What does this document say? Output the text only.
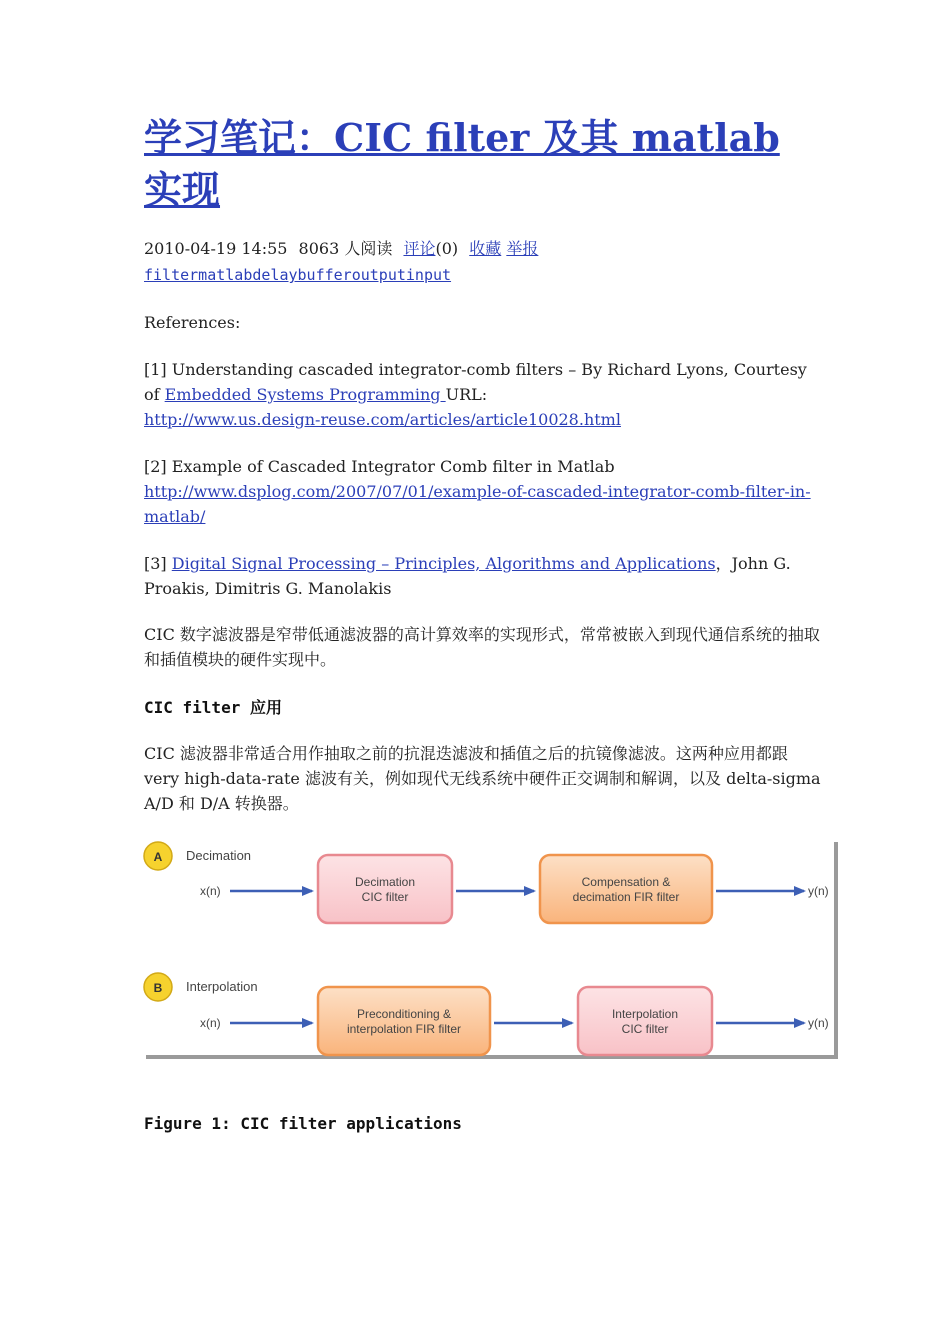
学习笔记：CIC filter 及其 matlab 实现
2010-04-19 14:55 8063 人阅读 评论(0) 收藏 举报
filtermatlabdelaybufferoutputinput

References:

[1] Understanding cascaded integrator-comb filters – By Richard Lyons, Courtesy of Embedded Systems Programming URL:
http://www.us.design-reuse.com/articles/article10028.html

[2] Example of Cascaded Integrator Comb filter in Matlab
http://www.dsplog.com/2007/07/01/example-of-cascaded-integrator-comb-filter-in-matlab/

[3] Digital Signal Processing – Principles, Algorithms and Applications，John G. Proakis, Dimitris G. Manolakis

CIC 数字滤波器是窄带低通滤波器的高计算效率的实现形式，常常被嵌入到现代通信系统的抽取和插值模块的硬件实现中。

CIC filter 应用

CIC 滤波器非常适合用作抽取之前的抗混迭滤波和插值之后的抗镜像滤波。这两种应用都跟 very high-data-rate 滤波有关，例如现代无线系统中硬件正交调制和解调，以及 delta-sigma A/D 和 D/A 转换器。

A Decimation
x(n)
Decimation
CIC filter
Compensation &
decimation FIR filter	y(n)
B Interpolation
x(n)
Preconditioning &
interpolation FIR filter
Interpolation
CIC filter	y(n)

Figure 1: CIC filter applications
